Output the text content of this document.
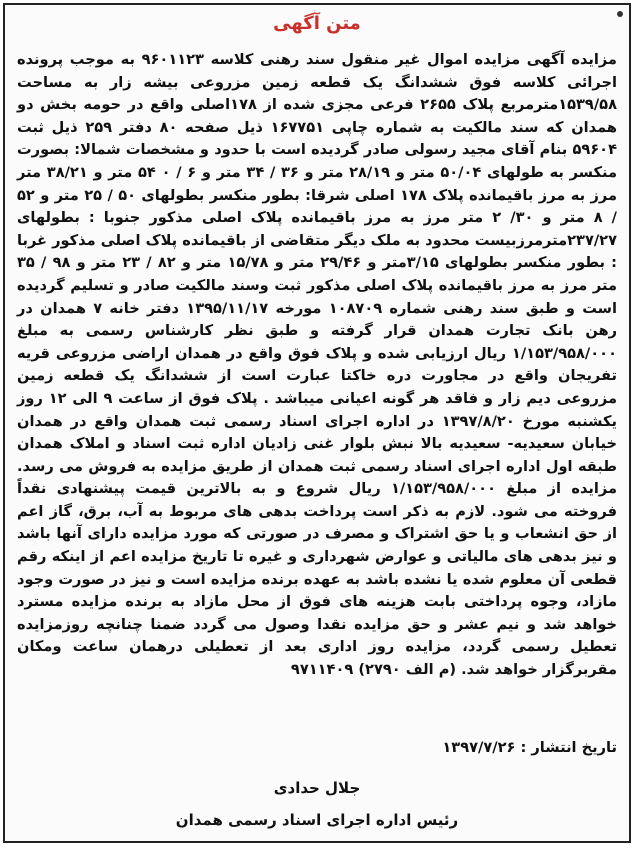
متن آگهی

مزایده آگهی مزایده اموال غیر منقول سند رهنی کلاسه ۹۶۰۱۱۲۳ به موجب پرونده اجرائی کلاسه فوق ششدانگ یک قطعه زمین مزروعی بیشه زار به مساحت ۱۵۳۹/۵۸مترمربع پلاک ۲۶۵۵ فرعی مجزی شده از ۱۷۸اصلی واقع در حومه بخش دو همدان که سند مالکیت به شماره چاپی ۱۶۷۷۵۱ ذیل صفحه ۸۰ دفتر ۲۵۹ ذیل ثبت ۵۹۶۰۴ بنام آقای مجید رسولی صادر گردیده است با حدود و مشخصات شمالا: بصورت منکسر به طولهای ۵۰/۰۴ متر و ۲۸/۱۹ متر و ۳۶ / ۳۴ متر و ۶ / ۰ ۵۴ متر و ۳۸/۲۱ متر مرز به مرز باقیمانده پلاک ۱۷۸ اصلی شرقا: بطور منکسر بطولهای ۵۰ / ۲۵ متر و ۵۲ / ۸ متر و ۳۰/ ۲ متر مرز به مرز باقیمانده پلاک اصلی مذکور جنوبا : بطولهای ۲۳۷/۲۷مترمرزبیست محدود به ملک دیگر متقاضی از باقیمانده پلاک اصلی مذکور غربا : بطور منکسر بطولهای ۳/۱۵متر و ۲۹/۴۶ متر و ۱۵/۷۸ متر و ۸۲ / ۲۳ متر و ۹۸ / ۳۵ متر مرز به مرز باقیمانده پلاک اصلی مذکور ثبت وسند مالکیت صادر و تسلیم گردیده است و طبق سند رهنی شماره ۱۰۸۷۰۹ مورخه ۱۳۹۵/۱۱/۱۷ دفتر خانه ۷ همدان در رهن بانک تجارت همدان قرار گرفته و طبق نظر کارشناس رسمی به مبلغ ۱/۱۵۳/۹۵۸/۰۰۰ ریال ارزیابی شده و پلاک فوق واقع در همدان اراضی مزروعی قریه تفریجان واقع در مجاورت دره خاکتا عبارت است از ششدانگ یک قطعه زمین مزروعی دیم زار و فاقد هر گونه اعیانی میباشد . پلاک فوق از ساعت ۹ الی ۱۲ روز یکشنبه مورخ ۱۳۹۷/۸/۲۰ در اداره اجرای اسناد رسمی ثبت همدان واقع در همدان خیابان سعیدیه- سعیدیه بالا نبش بلوار غنی زادیان اداره ثبت اسناد و املاک همدان طبقه اول اداره اجرای اسناد رسمی ثبت همدان از طریق مزایده به فروش می رسد. مزایده از مبلغ ۱/۱۵۳/۹۵۸/۰۰۰ ریال شروع و به بالاترین قیمت پیشنهادی نقداً فروخته می شود. لازم به ذکر است پرداخت بدهی های مربوط به آب، برق، گاز اعم از حق انشعاب و یا حق اشتراک و مصرف در صورتی که مورد مزایده دارای آنها باشد و نیز بدهی های مالیاتی و عوارض شهرداری و غیره تا تاریخ مزایده اعم از اینکه رقم قطعی آن معلوم شده یا نشده باشد به عهده برنده مزایده است و نیز در صورت وجود مازاد، وجوه پرداختی بابت هزینه های فوق از محل مازاد به برنده مزایده مسترد خواهد شد و نیم عشر و حق مزایده نقدا وصول می گردد ضمنا چنانچه روزمزایده تعطیل رسمی گردد، مزایده روز اداری بعد از تعطیلی درهمان ساعت ومکان مقربرگزار خواهد شد. (م الف ۲۷۹۰) ۹۷۱۱۴۰۹

تاریخ انتشار : ۱۳۹۷/۷/۲۶
جلال حدادی
رئیس اداره اجرای اسناد رسمی همدان
